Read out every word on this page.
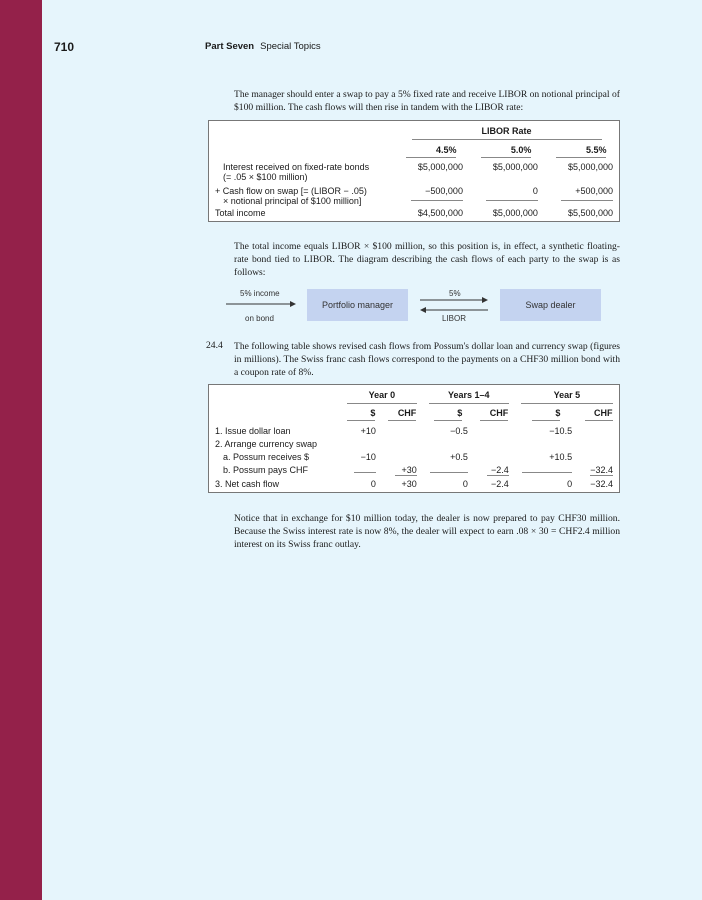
710	Part Seven Special Topics
The manager should enter a swap to pay a 5% fixed rate and receive LIBOR on notional principal of $100 million. The cash flows will then rise in tandem with the LIBOR rate:

	LIBOR Rate		

	4.5%	5.0%	5.5%

Interest received on fixed-rate bonds
(= .05 × $100 million)	$5,000,000	$5,000,000	$5,000,000

+ Cash flow on swap [= (LIBOR − .05)
× notional principal of $100 million]	−500,000	0	+500,000
Total income	$4,500,000	$5,000,000	$5,500,000
The total income equals LIBOR × $100 million, so this position is, in effect, a synthetic floating-rate bond tied to LIBOR. The diagram describing the cash flows of each party to the swap is as follows:
5% income
on bond
Portfolio manager
5%
LIBOR
Swap dealer
24.4 The following table shows revised cash flows from Possum's dollar loan and currency swap (figures in millions). The Swiss franc cash flows correspond to the payments on a CHF30 million bond with a coupon rate of 8%.

	Year 0		Years 1–4		Year 5	

	$	CHF	$	CHF	$	CHF
1. Issue dollar loan	+10		−0.5		−10.5	
2. Arrange currency swap						
a. Possum receives $	−10		+0.5		+10.5	
b. Possum pays CHF		+30		−2.4		−32.4
3. Net cash flow	0	+30	0	−2.4	0	−32.4
Notice that in exchange for $10 million today, the dealer is now prepared to pay CHF30 million. Because the Swiss interest rate is now 8%, the dealer will expect to earn .08 × 30 = CHF2.4 million interest on its Swiss franc outlay.
